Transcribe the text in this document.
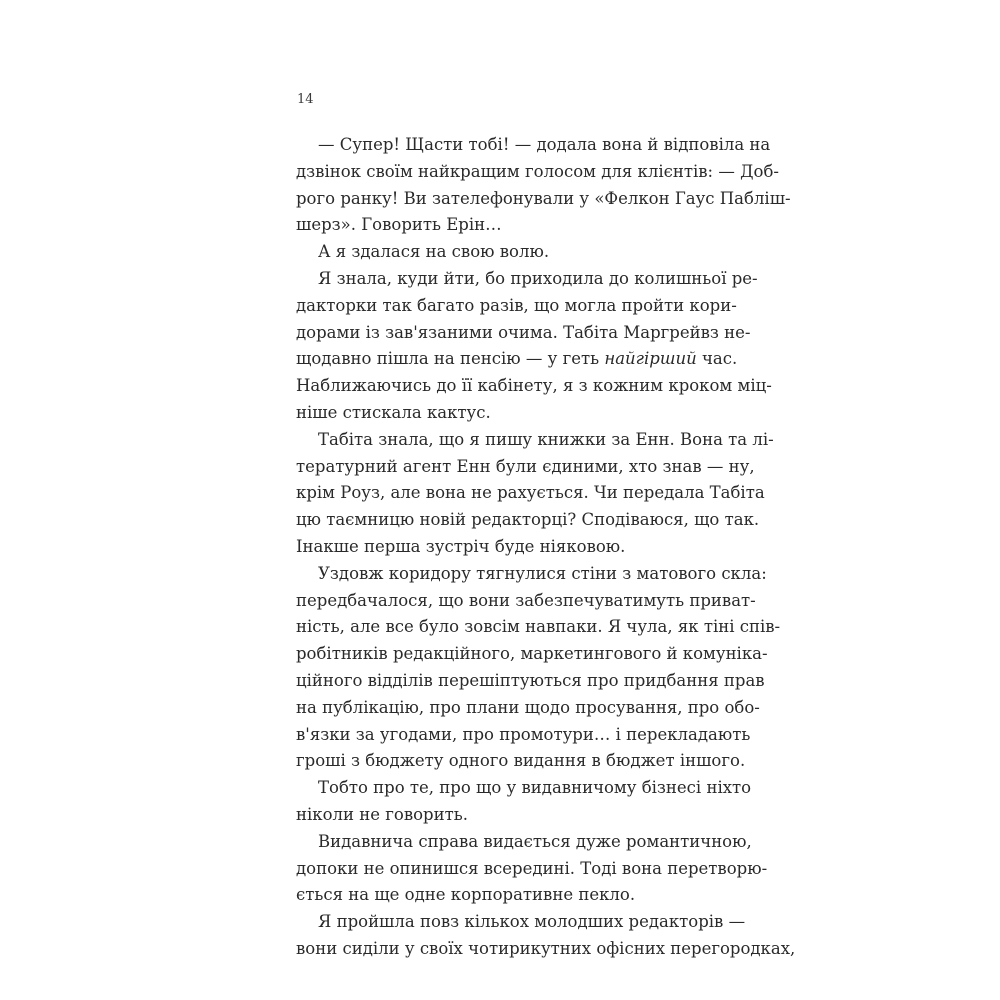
14
— Супер! Щасти тобі! — додала вона й відповіла на
дзвінок своїм найкращим голосом для клієнтів: — Доб-
рого ранку! Ви зателефонували у «Фелкон Гаус Пабліш-
шерз». Говорить Ерін…
А я здалася на свою волю.
Я знала, куди йти, бо приходила до колишньої ре-
дакторки так багато разів, що могла пройти кори-
дорами із зав'язаними очима. Табіта Маргрейвз не-
щодавно пішла на пенсію — у геть найгірший час.
Наближаючись до її кабінету, я з кожним кроком міц-
ніше стискала кактус.
Табіта знала, що я пишу книжки за Енн. Вона та лі-
тературний агент Енн були єдиними, хто знав — ну,
крім Роуз, але вона не рахується. Чи передала Табіта
цю таємницю новій редакторці? Сподіваюся, що так.
Інакше перша зустріч буде ніяковою.
Уздовж коридору тягнулися стіни з матового скла:
передбачалося, що вони забезпечуватимуть приват-
ність, але все було зовсім навпаки. Я чула, як тіні спів-
робітників редакційного, маркетингового й комуніка-
ційного відділів перешіптуються про придбання прав
на публікацію, про плани щодо просування, про обо-
в'язки за угодами, про промотури… і перекладають
гроші з бюджету одного видання в бюджет іншого.
Тобто про те, про що у видавничому бізнесі ніхто
ніколи не говорить.
Видавнича справа видається дуже романтичною,
допоки не опинишся всередині. Тоді вона перетворю-
ється на ще одне корпоративне пекло.
Я пройшла повз кількох молодших редакторів —
вони сиділи у своїх чотирикутних офісних перегородках,
